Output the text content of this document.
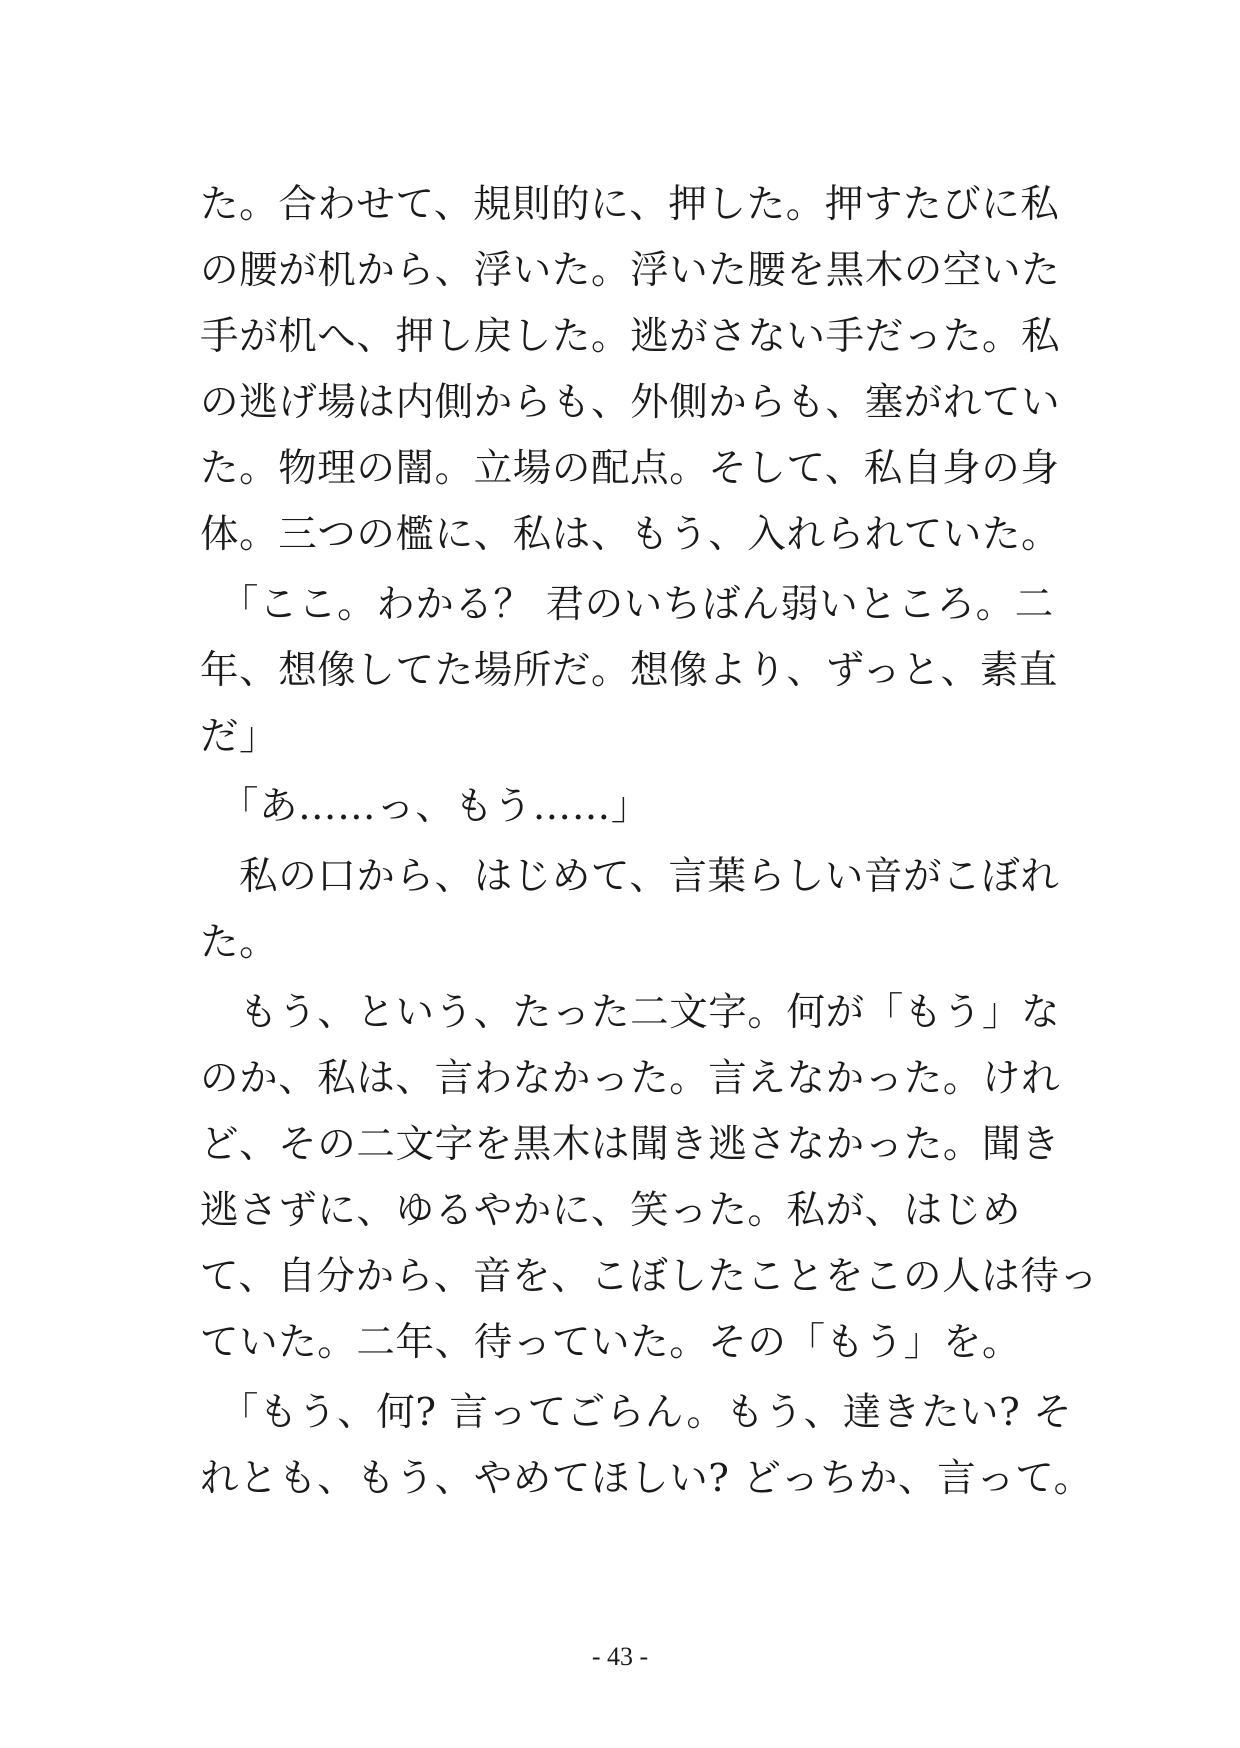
た。合わせて、規則的に、押した。押すたびに私
の腰が机から、浮いた。浮いた腰を黒木の空いた
手が机へ、押し戻した。逃がさない手だった。私
の逃げ場は内側からも、外側からも、塞がれてい
た。物理の闇。立場の配点。そして、私自身の身
体。三つの檻に、私は、もう、入れられていた。
　「ここ。わかる？ 君のいちばん弱いところ。二
年、想像してた場所だ。想像より、ずっと、素直
だ」
　「あ……っ、もう……」
　私の口から、はじめて、言葉らしい音がこぼれ
た。
　もう、という、たった二文字。何が「もう」な
のか、私は、言わなかった。言えなかった。けれ
ど、その二文字を黒木は聞き逃さなかった。聞き
逃さずに、ゆるやかに、笑った。私が、はじめ
て、自分から、音を、こぼしたことをこの人は待っ
ていた。二年、待っていた。その「もう」を。
　「もう、何? 言ってごらん。もう、達きたい? そ
れとも、もう、やめてほしい? どっちか、言って。
- 43 -
